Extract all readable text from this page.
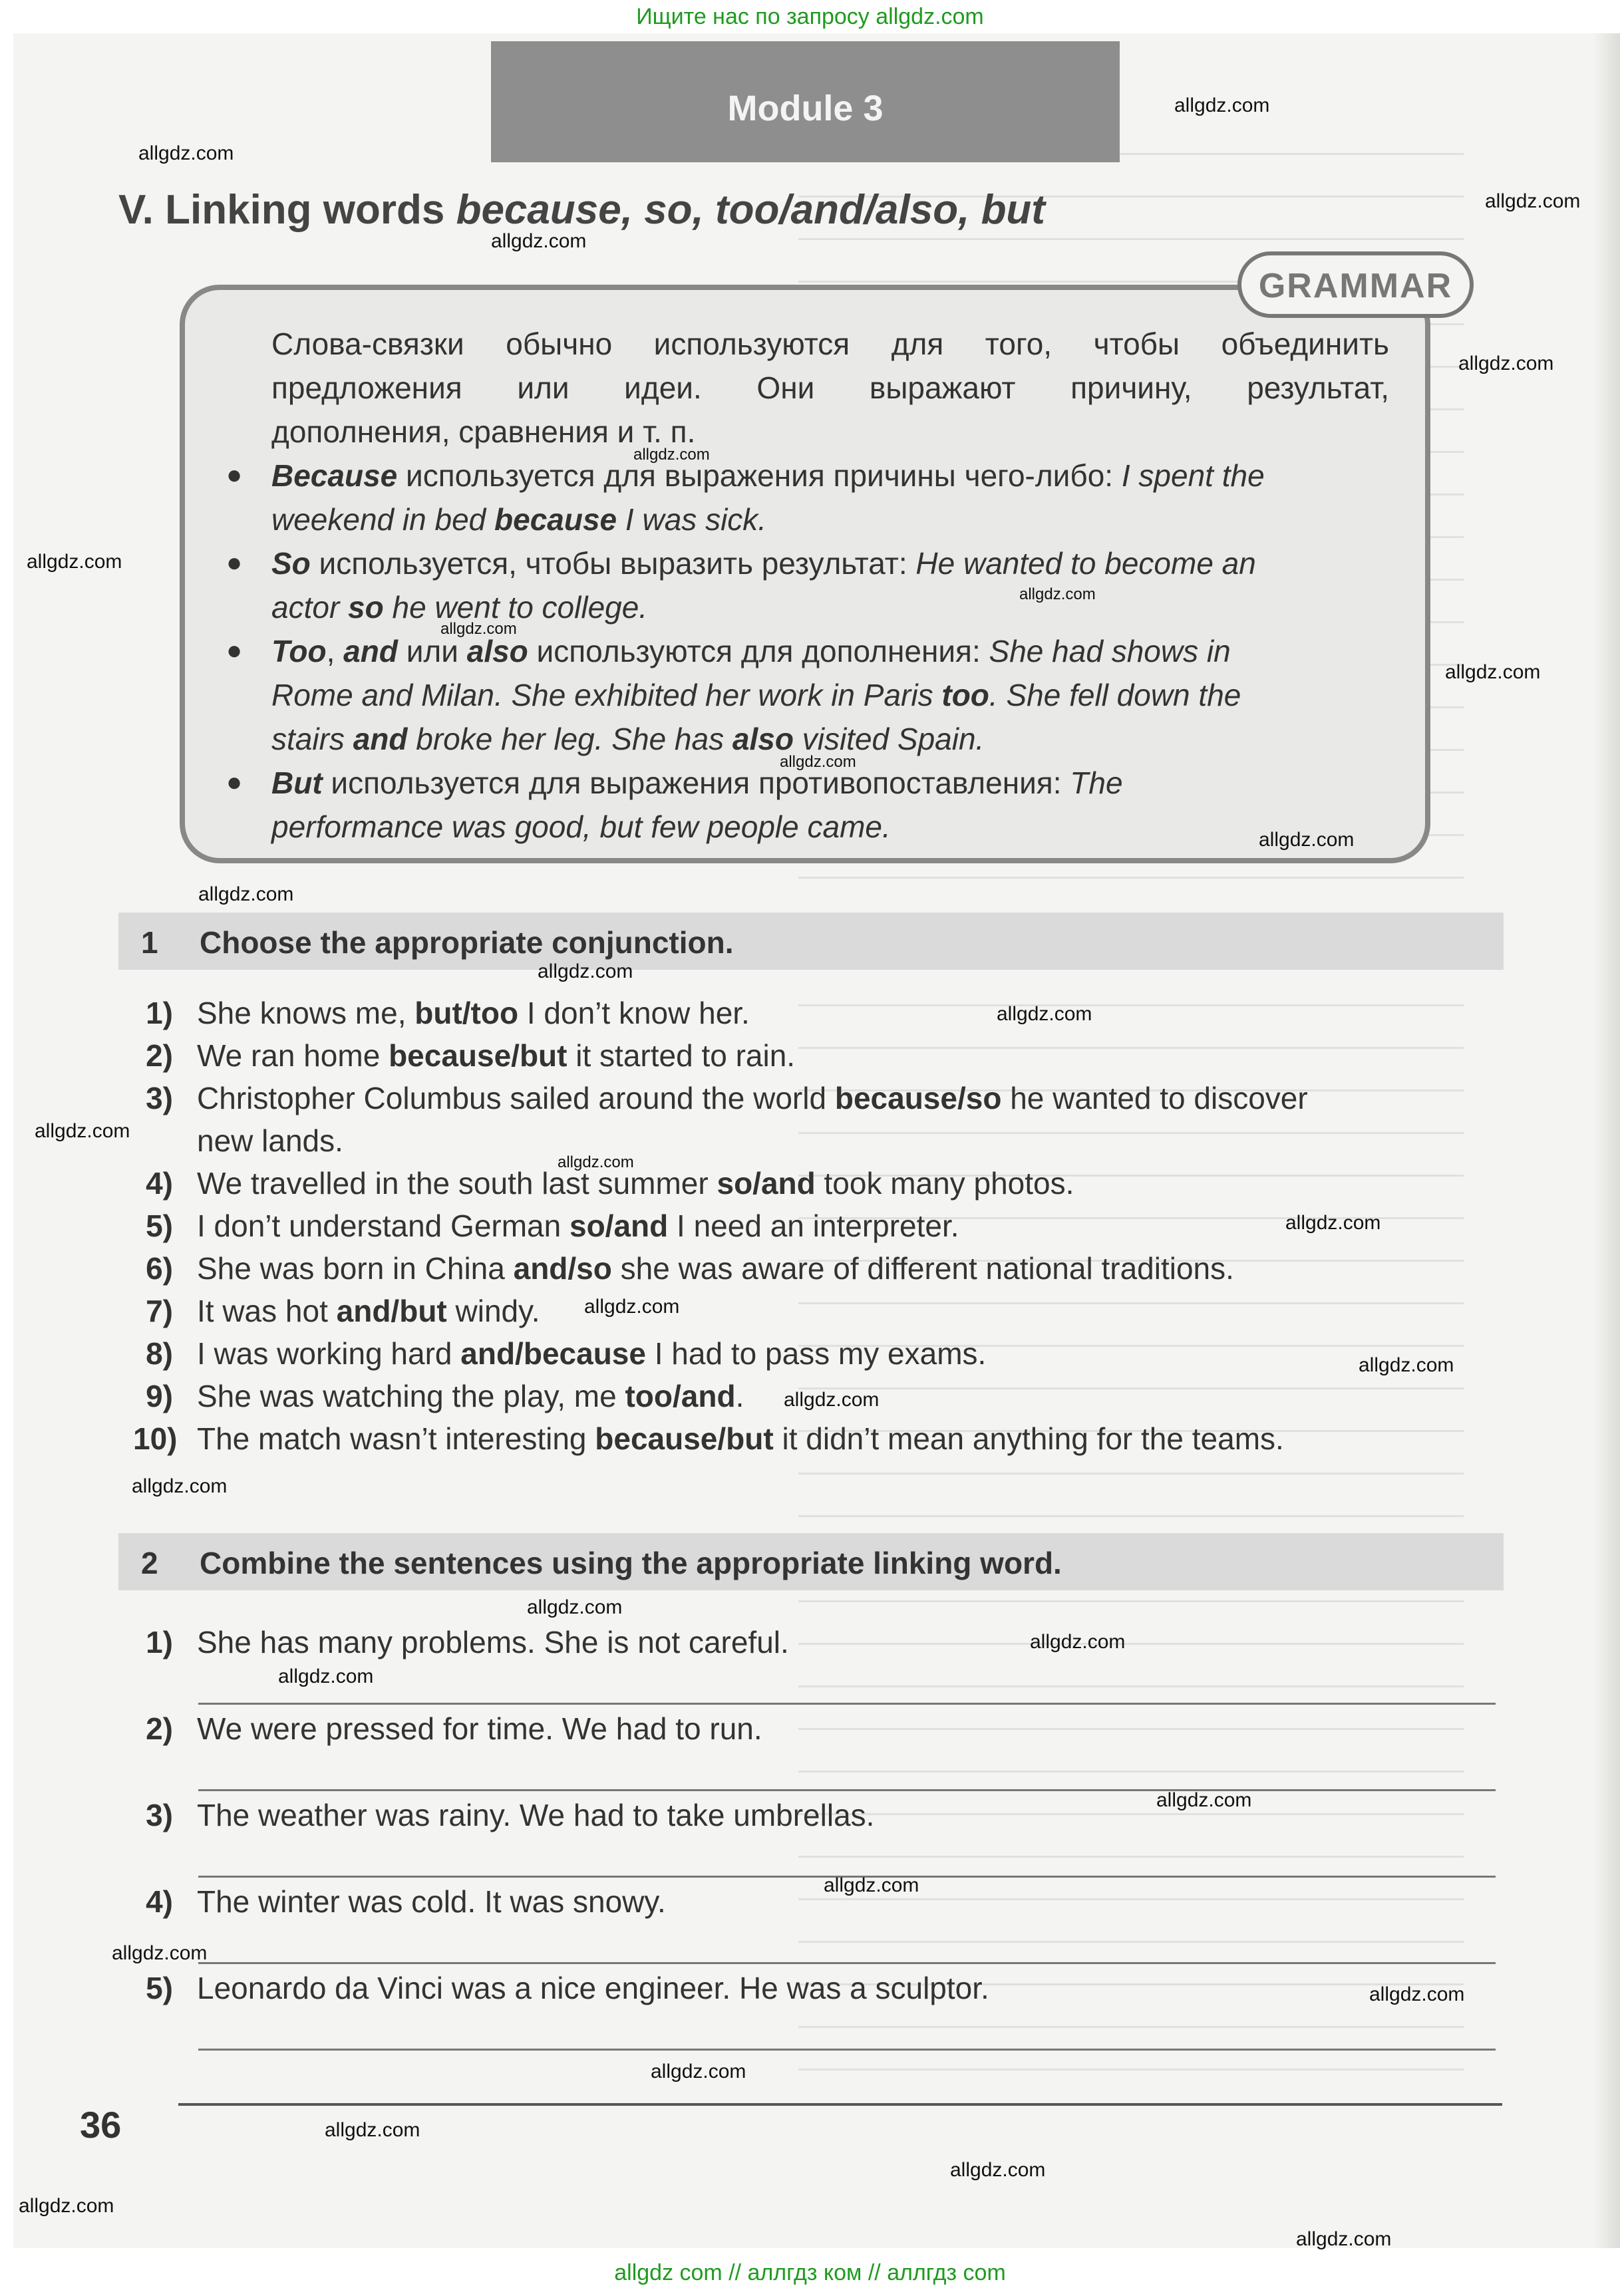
Ищите нас по запросу allgdz.com
Module 3
V. Linking words because, so, too/and/also, but
GRAMMAR
Слова-связки обычно используются для того, чтобы объединить
предложения или идеи. Они выражают причину, результат,
дополнения, сравнения и т. п.
● Because используется для выражения причины чего-либо: I spent the
weekend in bed because I was sick.
● So используется, чтобы выразить результат: He wanted to become an
actor so he went to college.
● Too, and или also используются для дополнения: She had shows in
Rome and Milan. She exhibited her work in Paris too. She fell down the
stairs and broke her leg. She has also visited Spain.
● But используется для выражения противопоставления: The
performance was good, but few people came.
1 Choose the appropriate conjunction.
1) She knows me, but/too I don’t know her.
2) We ran home because/but it started to rain.
3) Christopher Columbus sailed around the world because/so he wanted to discover
new lands.
4) We travelled in the south last summer so/and took many photos.
5) I don’t understand German so/and I need an interpreter.
6) She was born in China and/so she was aware of different national traditions.
7) It was hot and/but windy.
8) I was working hard and/because I had to pass my exams.
9) She was watching the play, me too/and.
10) The match wasn’t interesting because/but it didn’t mean anything for the teams.
2 Combine the sentences using the appropriate linking word.
1) She has many problems. She is not careful.
2) We were pressed for time. We had to run.
3) The weather was rainy. We had to take umbrellas.
4) The winter was cold. It was snowy.
5) Leonardo da Vinci was a nice engineer. He was a sculptor.
36
allgdz.com
allgdz.com
allgdz.com
allgdz.com
allgdz.com
allgdz.com
allgdz.com
allgdz.com
allgdz.com
allgdz.com
allgdz.com
allgdz.com
allgdz.com
allgdz.com
allgdz.com
allgdz.com
allgdz.com
allgdz.com
allgdz.com
allgdz.com
allgdz.com
allgdz.com
allgdz.com
allgdz.com
allgdz.com
allgdz.com
allgdz.com
allgdz.com
allgdz.com
allgdz.com
allgdz.com
allgdz.com
allgdz.com
allgdz.com
allgdz com // аллгдз ком // аллгдз com
